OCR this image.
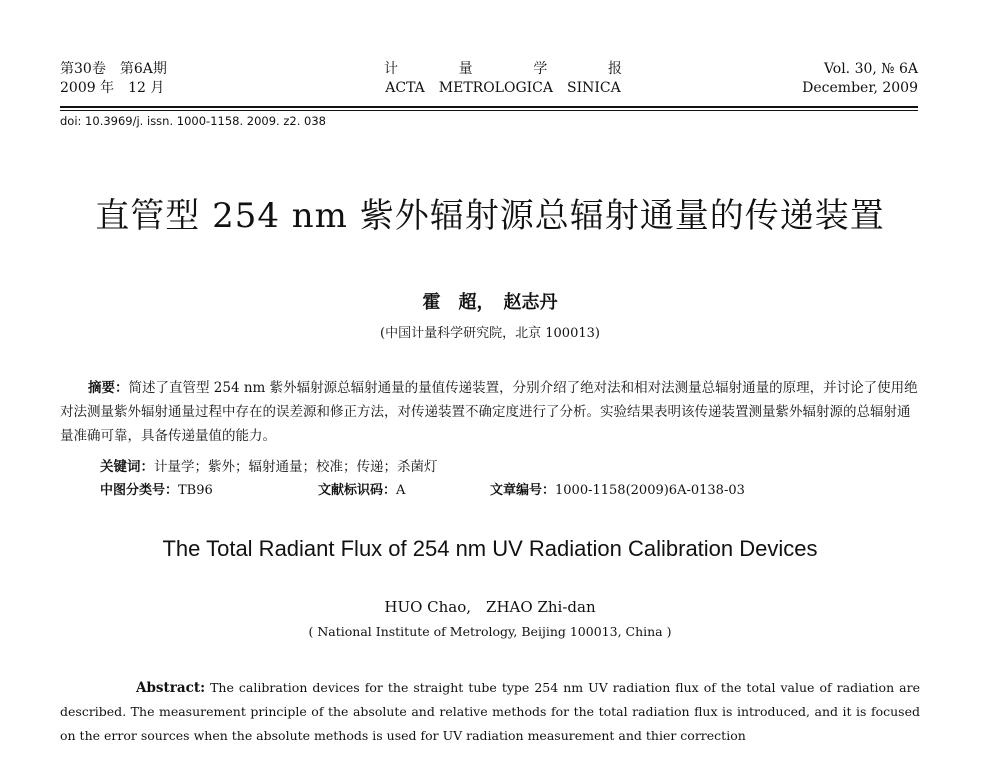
第30卷　第6A期
2009 年　12 月
计	量	学	报
ACTA　METROLOGICA　SINICA
Vol. 30, № 6A
December, 2009
doi: 10.3969/j. issn. 1000-1158. 2009. z2. 038
直管型 254 nm 紫外辐射源总辐射通量的传递装置
霍　超，　赵志丹
(中国计量科学研究院，北京 100013)

摘要：简述了直管型 254 nm 紫外辐射源总辐射通量的量值传递装置，分别介绍了绝对法和相对法测量总辐射通量的原理，并讨论了使用绝对法测量紫外辐射通量过程中存在的误差源和修正方法，对传递装置不确定度进行了分析。实验结果表明该传递装置测量紫外辐射源的总辐射通量准确可靠，具备传递量值的能力。

关键词：计量学；紫外；辐射通量；校准；传递；杀菌灯
中图分类号：TB96	文献标识码：A	文章编号：1000-1158(2009)6A-0138-03
The Total Radiant Flux of 254 nm UV Radiation Calibration Devices
HUO Chao,　ZHAO Zhi-dan
( National Institute of Metrology, Beijing 100013, China )

Abstract: The calibration devices for the straight tube type 254 nm UV radiation flux of the total value of radiation are described. The measurement principle of the absolute and relative methods for the total radiation flux is introduced, and it is focused on the error sources when the absolute methods is used for UV radiation measurement and thier correction
